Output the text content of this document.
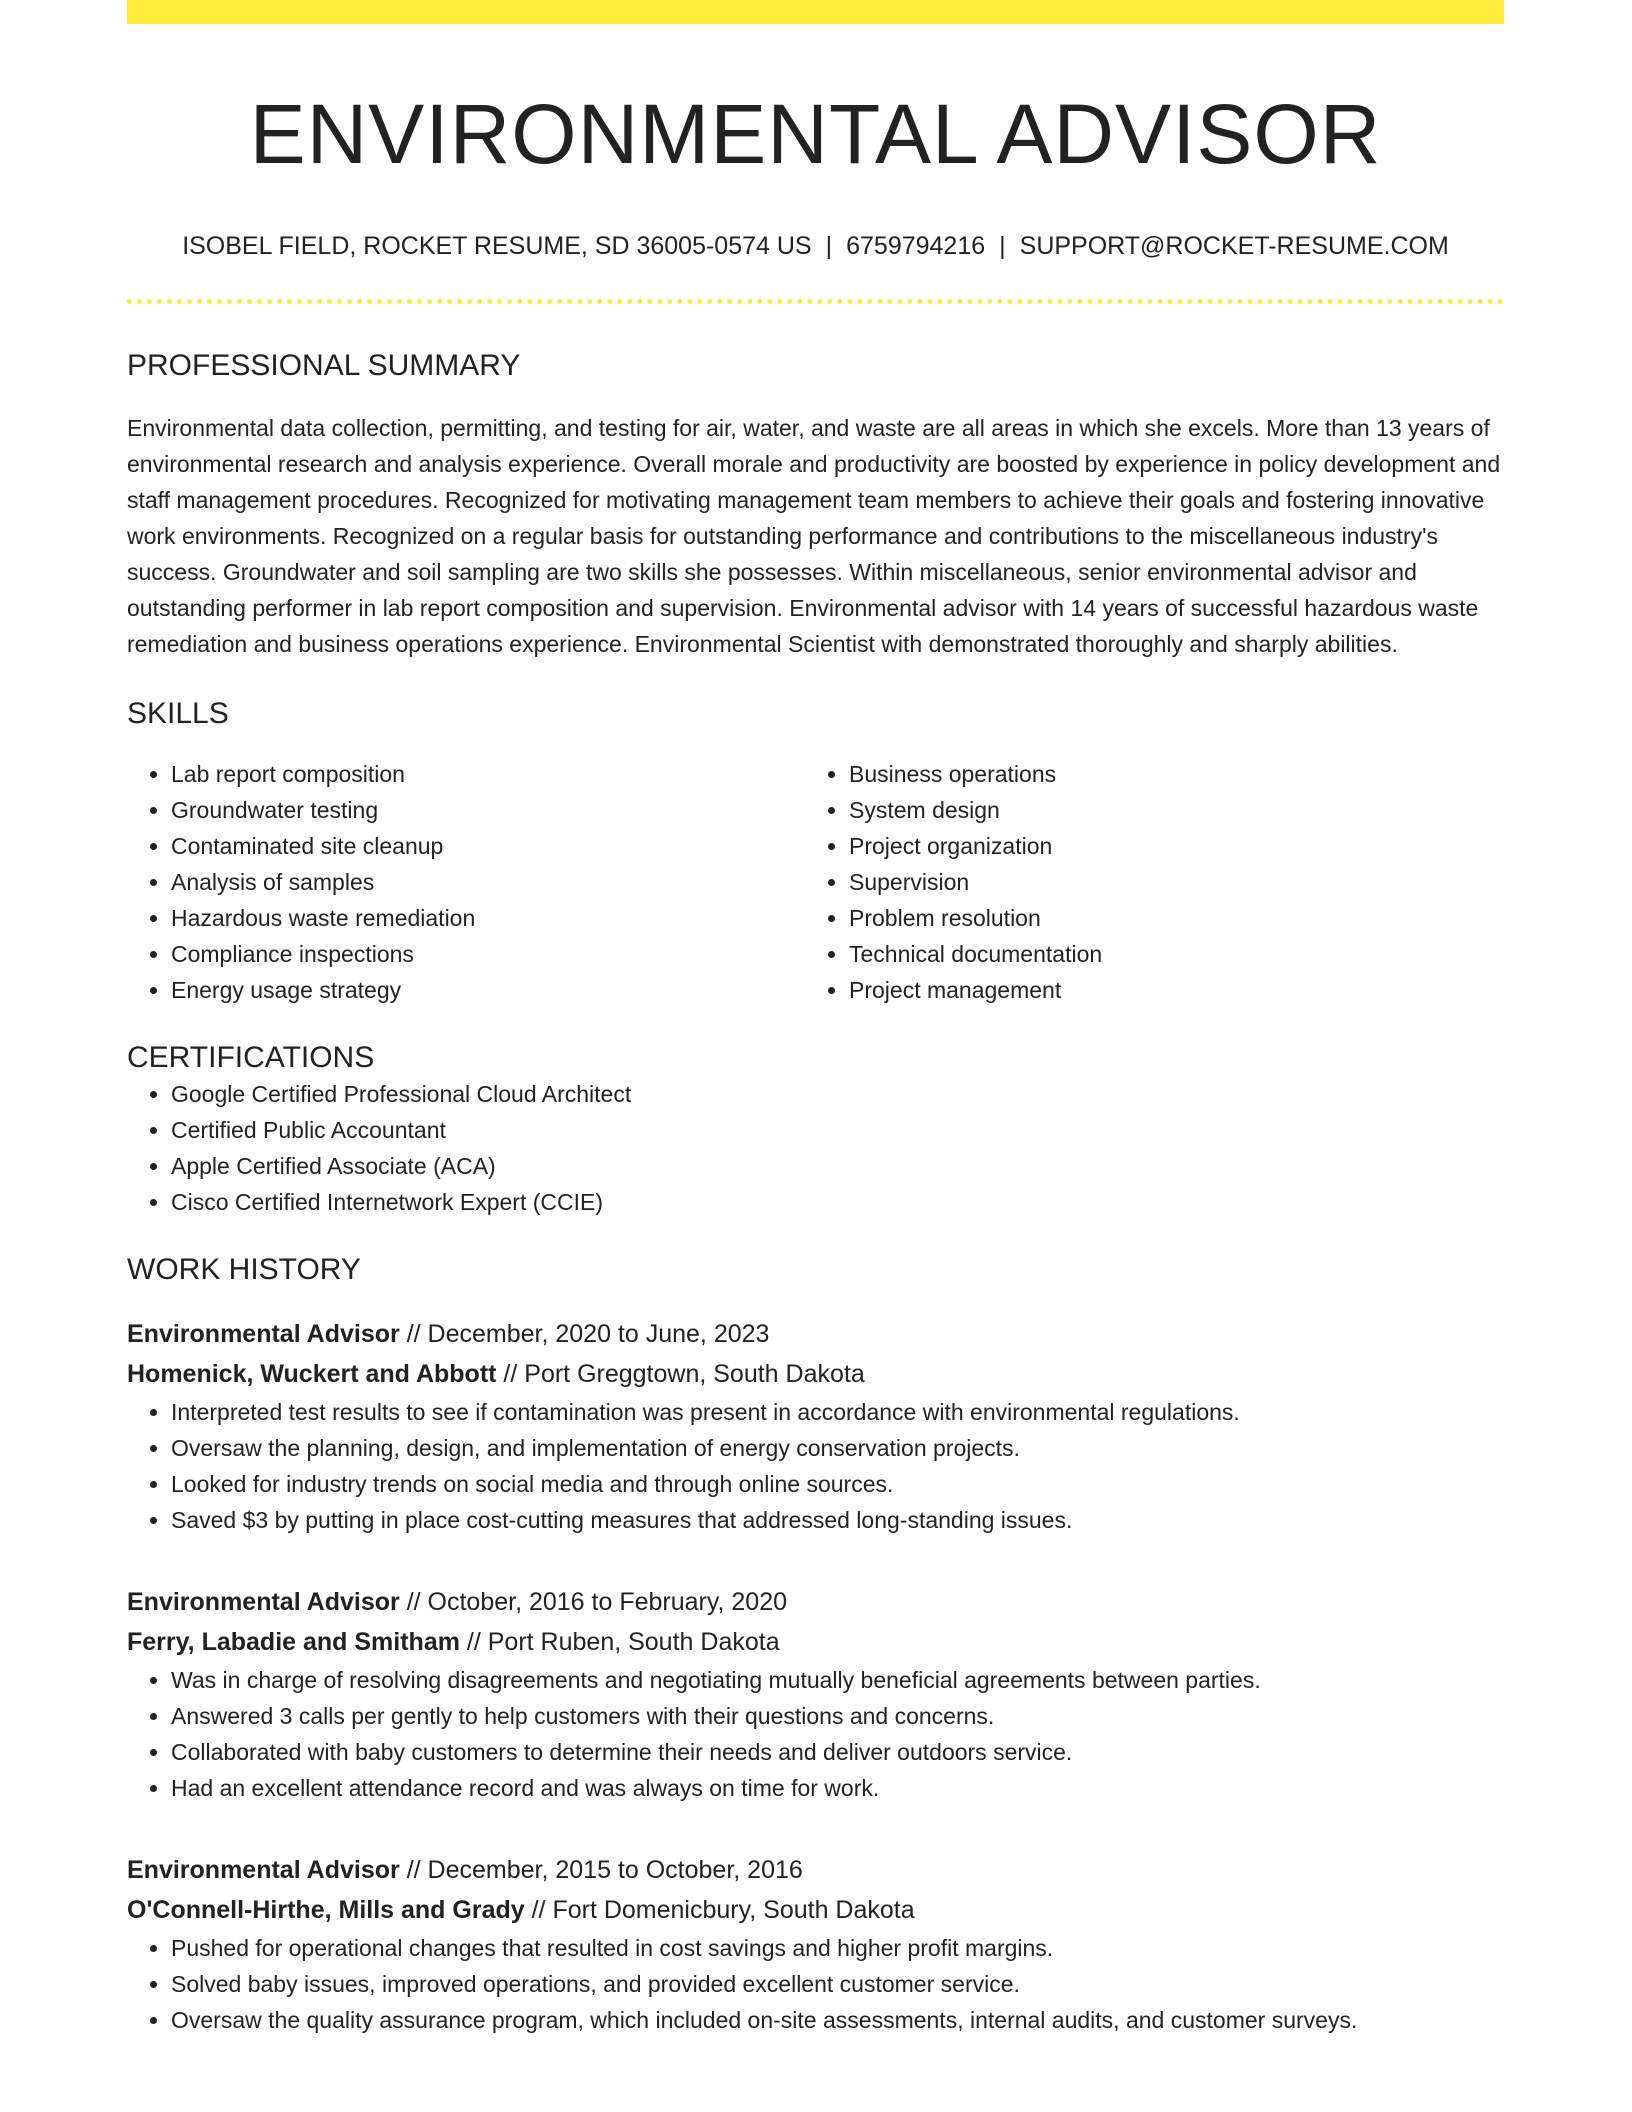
ENVIRONMENTAL ADVISOR
ISOBEL FIELD, ROCKET RESUME, SD 36005-0574 US | 6759794216 | SUPPORT@ROCKET-RESUME.COM
PROFESSIONAL SUMMARY
Environmental data collection, permitting, and testing for air, water, and waste are all areas in which she excels. More than 13 years of environmental research and analysis experience. Overall morale and productivity are boosted by experience in policy development and staff management procedures. Recognized for motivating management team members to achieve their goals and fostering innovative work environments. Recognized on a regular basis for outstanding performance and contributions to the miscellaneous industry's success. Groundwater and soil sampling are two skills she possesses. Within miscellaneous, senior environmental advisor and outstanding performer in lab report composition and supervision. Environmental advisor with 14 years of successful hazardous waste remediation and business operations experience. Environmental Scientist with demonstrated thoroughly and sharply abilities.
SKILLS
• Lab report composition
• Groundwater testing
• Contaminated site cleanup
• Analysis of samples
• Hazardous waste remediation
• Compliance inspections
• Energy usage strategy
• Business operations
• System design
• Project organization
• Supervision
• Problem resolution
• Technical documentation
• Project management
CERTIFICATIONS
• Google Certified Professional Cloud Architect
• Certified Public Accountant
• Apple Certified Associate (ACA)
• Cisco Certified Internetwork Expert (CCIE)
WORK HISTORY
Environmental Advisor // December, 2020 to June, 2023
Homenick, Wuckert and Abbott // Port Greggtown, South Dakota
• Interpreted test results to see if contamination was present in accordance with environmental regulations.
• Oversaw the planning, design, and implementation of energy conservation projects.
• Looked for industry trends on social media and through online sources.
• Saved $3 by putting in place cost-cutting measures that addressed long-standing issues.
Environmental Advisor // October, 2016 to February, 2020
Ferry, Labadie and Smitham // Port Ruben, South Dakota
• Was in charge of resolving disagreements and negotiating mutually beneficial agreements between parties.
• Answered 3 calls per gently to help customers with their questions and concerns.
• Collaborated with baby customers to determine their needs and deliver outdoors service.
• Had an excellent attendance record and was always on time for work.
Environmental Advisor // December, 2015 to October, 2016
O'Connell-Hirthe, Mills and Grady // Fort Domenicbury, South Dakota
• Pushed for operational changes that resulted in cost savings and higher profit margins.
• Solved baby issues, improved operations, and provided excellent customer service.
• Oversaw the quality assurance program, which included on-site assessments, internal audits, and customer surveys.
